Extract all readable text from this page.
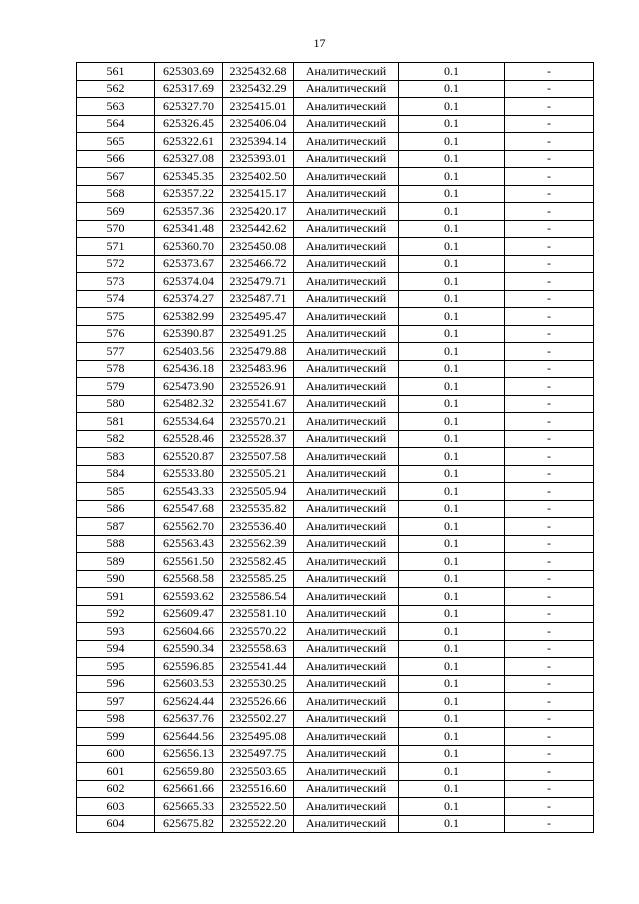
17
561	625303.69	2325432.68	Аналитический	0.1	-
562	625317.69	2325432.29	Аналитический	0.1	-
563	625327.70	2325415.01	Аналитический	0.1	-
564	625326.45	2325406.04	Аналитический	0.1	-
565	625322.61	2325394.14	Аналитический	0.1	-
566	625327.08	2325393.01	Аналитический	0.1	-
567	625345.35	2325402.50	Аналитический	0.1	-
568	625357.22	2325415.17	Аналитический	0.1	-
569	625357.36	2325420.17	Аналитический	0.1	-
570	625341.48	2325442.62	Аналитический	0.1	-
571	625360.70	2325450.08	Аналитический	0.1	-
572	625373.67	2325466.72	Аналитический	0.1	-
573	625374.04	2325479.71	Аналитический	0.1	-
574	625374.27	2325487.71	Аналитический	0.1	-
575	625382.99	2325495.47	Аналитический	0.1	-
576	625390.87	2325491.25	Аналитический	0.1	-
577	625403.56	2325479.88	Аналитический	0.1	-
578	625436.18	2325483.96	Аналитический	0.1	-
579	625473.90	2325526.91	Аналитический	0.1	-
580	625482.32	2325541.67	Аналитический	0.1	-
581	625534.64	2325570.21	Аналитический	0.1	-
582	625528.46	2325528.37	Аналитический	0.1	-
583	625520.87	2325507.58	Аналитический	0.1	-
584	625533.80	2325505.21	Аналитический	0.1	-
585	625543.33	2325505.94	Аналитический	0.1	-
586	625547.68	2325535.82	Аналитический	0.1	-
587	625562.70	2325536.40	Аналитический	0.1	-
588	625563.43	2325562.39	Аналитический	0.1	-
589	625561.50	2325582.45	Аналитический	0.1	-
590	625568.58	2325585.25	Аналитический	0.1	-
591	625593.62	2325586.54	Аналитический	0.1	-
592	625609.47	2325581.10	Аналитический	0.1	-
593	625604.66	2325570.22	Аналитический	0.1	-
594	625590.34	2325558.63	Аналитический	0.1	-
595	625596.85	2325541.44	Аналитический	0.1	-
596	625603.53	2325530.25	Аналитический	0.1	-
597	625624.44	2325526.66	Аналитический	0.1	-
598	625637.76	2325502.27	Аналитический	0.1	-
599	625644.56	2325495.08	Аналитический	0.1	-
600	625656.13	2325497.75	Аналитический	0.1	-
601	625659.80	2325503.65	Аналитический	0.1	-
602	625661.66	2325516.60	Аналитический	0.1	-
603	625665.33	2325522.50	Аналитический	0.1	-
604	625675.82	2325522.20	Аналитический	0.1	-
